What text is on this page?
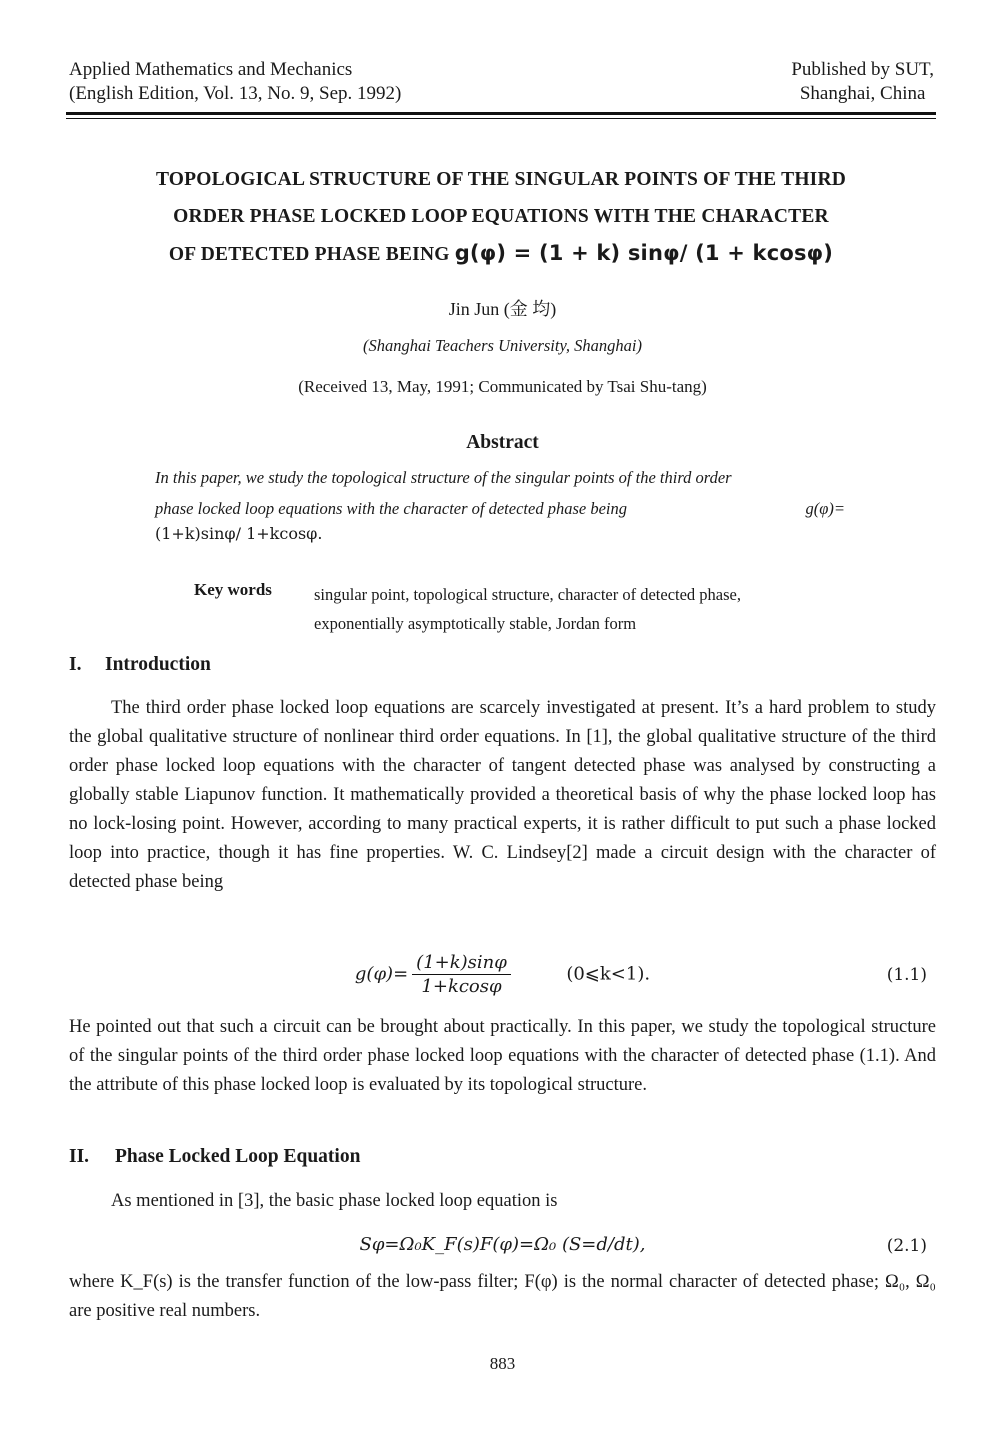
Applied Mathematics and Mechanics
(English Edition, Vol. 13, No. 9, Sep. 1992)
Published by SUT,
Shanghai, China
TOPOLOGICAL STRUCTURE OF THE SINGULAR POINTS OF THE THIRD
ORDER PHASE LOCKED LOOP EQUATIONS WITH THE CHARACTER
OF DETECTED PHASE BEING g(φ) = (1 + k) sinφ/ (1 + kcosφ)
Jin Jun (金 均)
(Shanghai Teachers University, Shanghai)
(Received 13, May, 1991; Communicated by Tsai Shu-tang)
Abstract
In this paper, we study the topological structure of the singular points of the third order
phase locked loop equations with the character of detected phase being	g(φ)=
(1+k)sinφ/ 1+kcosφ.
Key words	singular point, topological structure, character of detected phase,
exponentially asymptotically stable, Jordan form
I. Introduction

The third order phase locked loop equations are scarcely investigated at present. It’s a hard problem to study the global qualitative structure of nonlinear third order equations. In [1], the global qualitative structure of the third order phase locked loop equations with the character of tangent detected phase was analysed by constructing a globally stable Liapunov function. It mathematically provided a theoretical basis of why the phase locked loop has no lock-losing point. However, according to many practical experts, it is rather difficult to put such a phase locked loop into practice, though it has fine properties. W. C. Lindsey[2] made a circuit design with the character of detected phase being

$g(\varphi)= \frac{(1+k)\sin\varphi}{1+kcos\varphi}$	(0⩽k<1).	(1.1)

He pointed out that such a circuit can be brought about practically. In this paper, we study the topological structure of the singular points of the third order phase locked loop equations with the character of detected phase (1.1). And the attribute of this phase locked loop is evaluated by its topological structure.

II. Phase Locked Loop Equation

As mentioned in [3], the basic phase locked loop equation is

Sφ=Ω₀K_F(s)F(φ)=Ω₀ (S=d/dt),	(2.1)

where K_F(s) is the transfer function of the low-pass filter; F(φ) is the normal character of detected phase; Ω₀, Ω₀ are positive real numbers.

883
